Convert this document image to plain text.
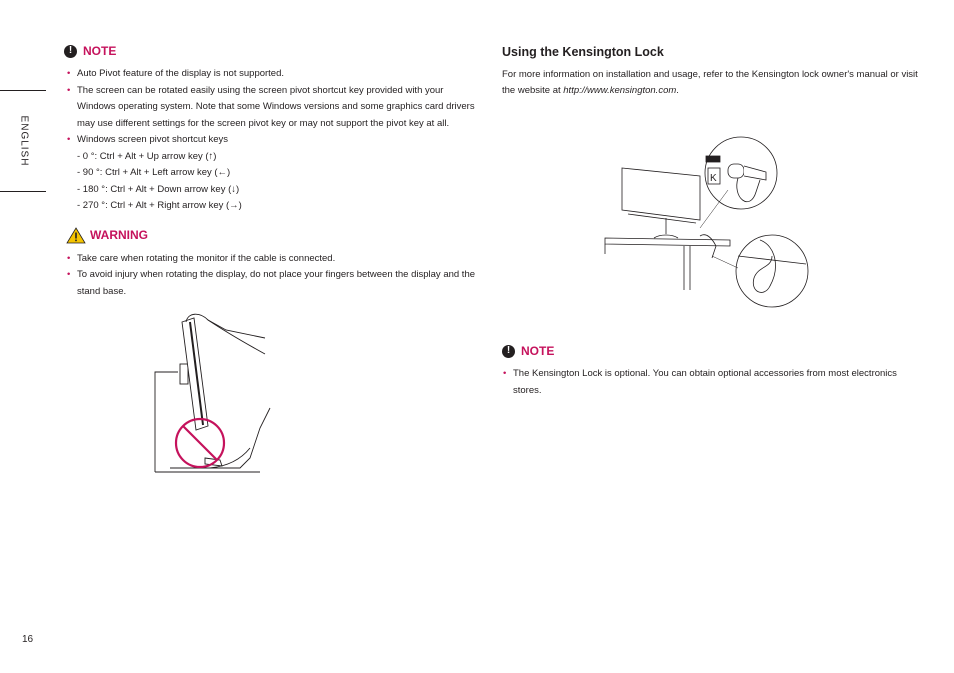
ENGLISH
! NOTE
• Auto Pivot feature of the display is not supported.
• The screen can be rotated easily using the screen pivot shortcut key provided with your Windows operating system. Note that some Windows versions and some graphics card drivers may use different settings for the screen pivot key or may not support the pivot key at all.
• Windows screen pivot shortcut keys
- 0 °: Ctrl + Alt + Up arrow key (↑)
- 90 °: Ctrl + Alt + Left arrow key (←)
- 180 °: Ctrl + Alt + Down arrow key (↓)
- 270 °: Ctrl + Alt + Right arrow key (→)
WARNING
• Take care when rotating the monitor if the cable is connected.
• To avoid injury when rotating the display, do not place your fingers between the display and the stand base.
Using the Kensington Lock

For more information on installation and usage, refer to the Kensington lock owner's manual or visit the website at http://www.kensington.com.

K
! NOTE
• The Kensington Lock is optional. You can obtain optional accessories from most electronics stores.
16
